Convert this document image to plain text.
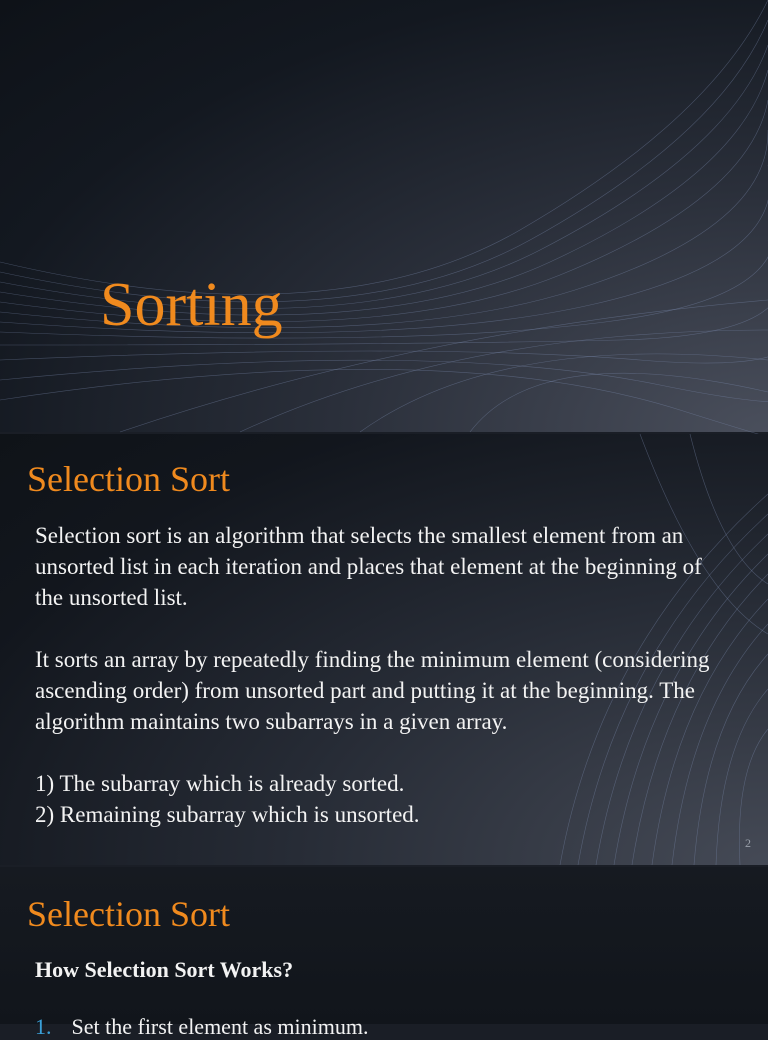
Sorting
Selection Sort

Selection sort is an algorithm that selects the smallest element from an unsorted list in each iteration and places that element at the beginning of the unsorted list.

It sorts an array by repeatedly finding the minimum element (considering ascending order) from unsorted part and putting it at the beginning. The algorithm maintains two subarrays in a given array.

1) The subarray which is already sorted.

2) Remaining subarray which is unsorted.

2
Selection Sort

How Selection Sort Works?

1. Set the first element as minimum.
